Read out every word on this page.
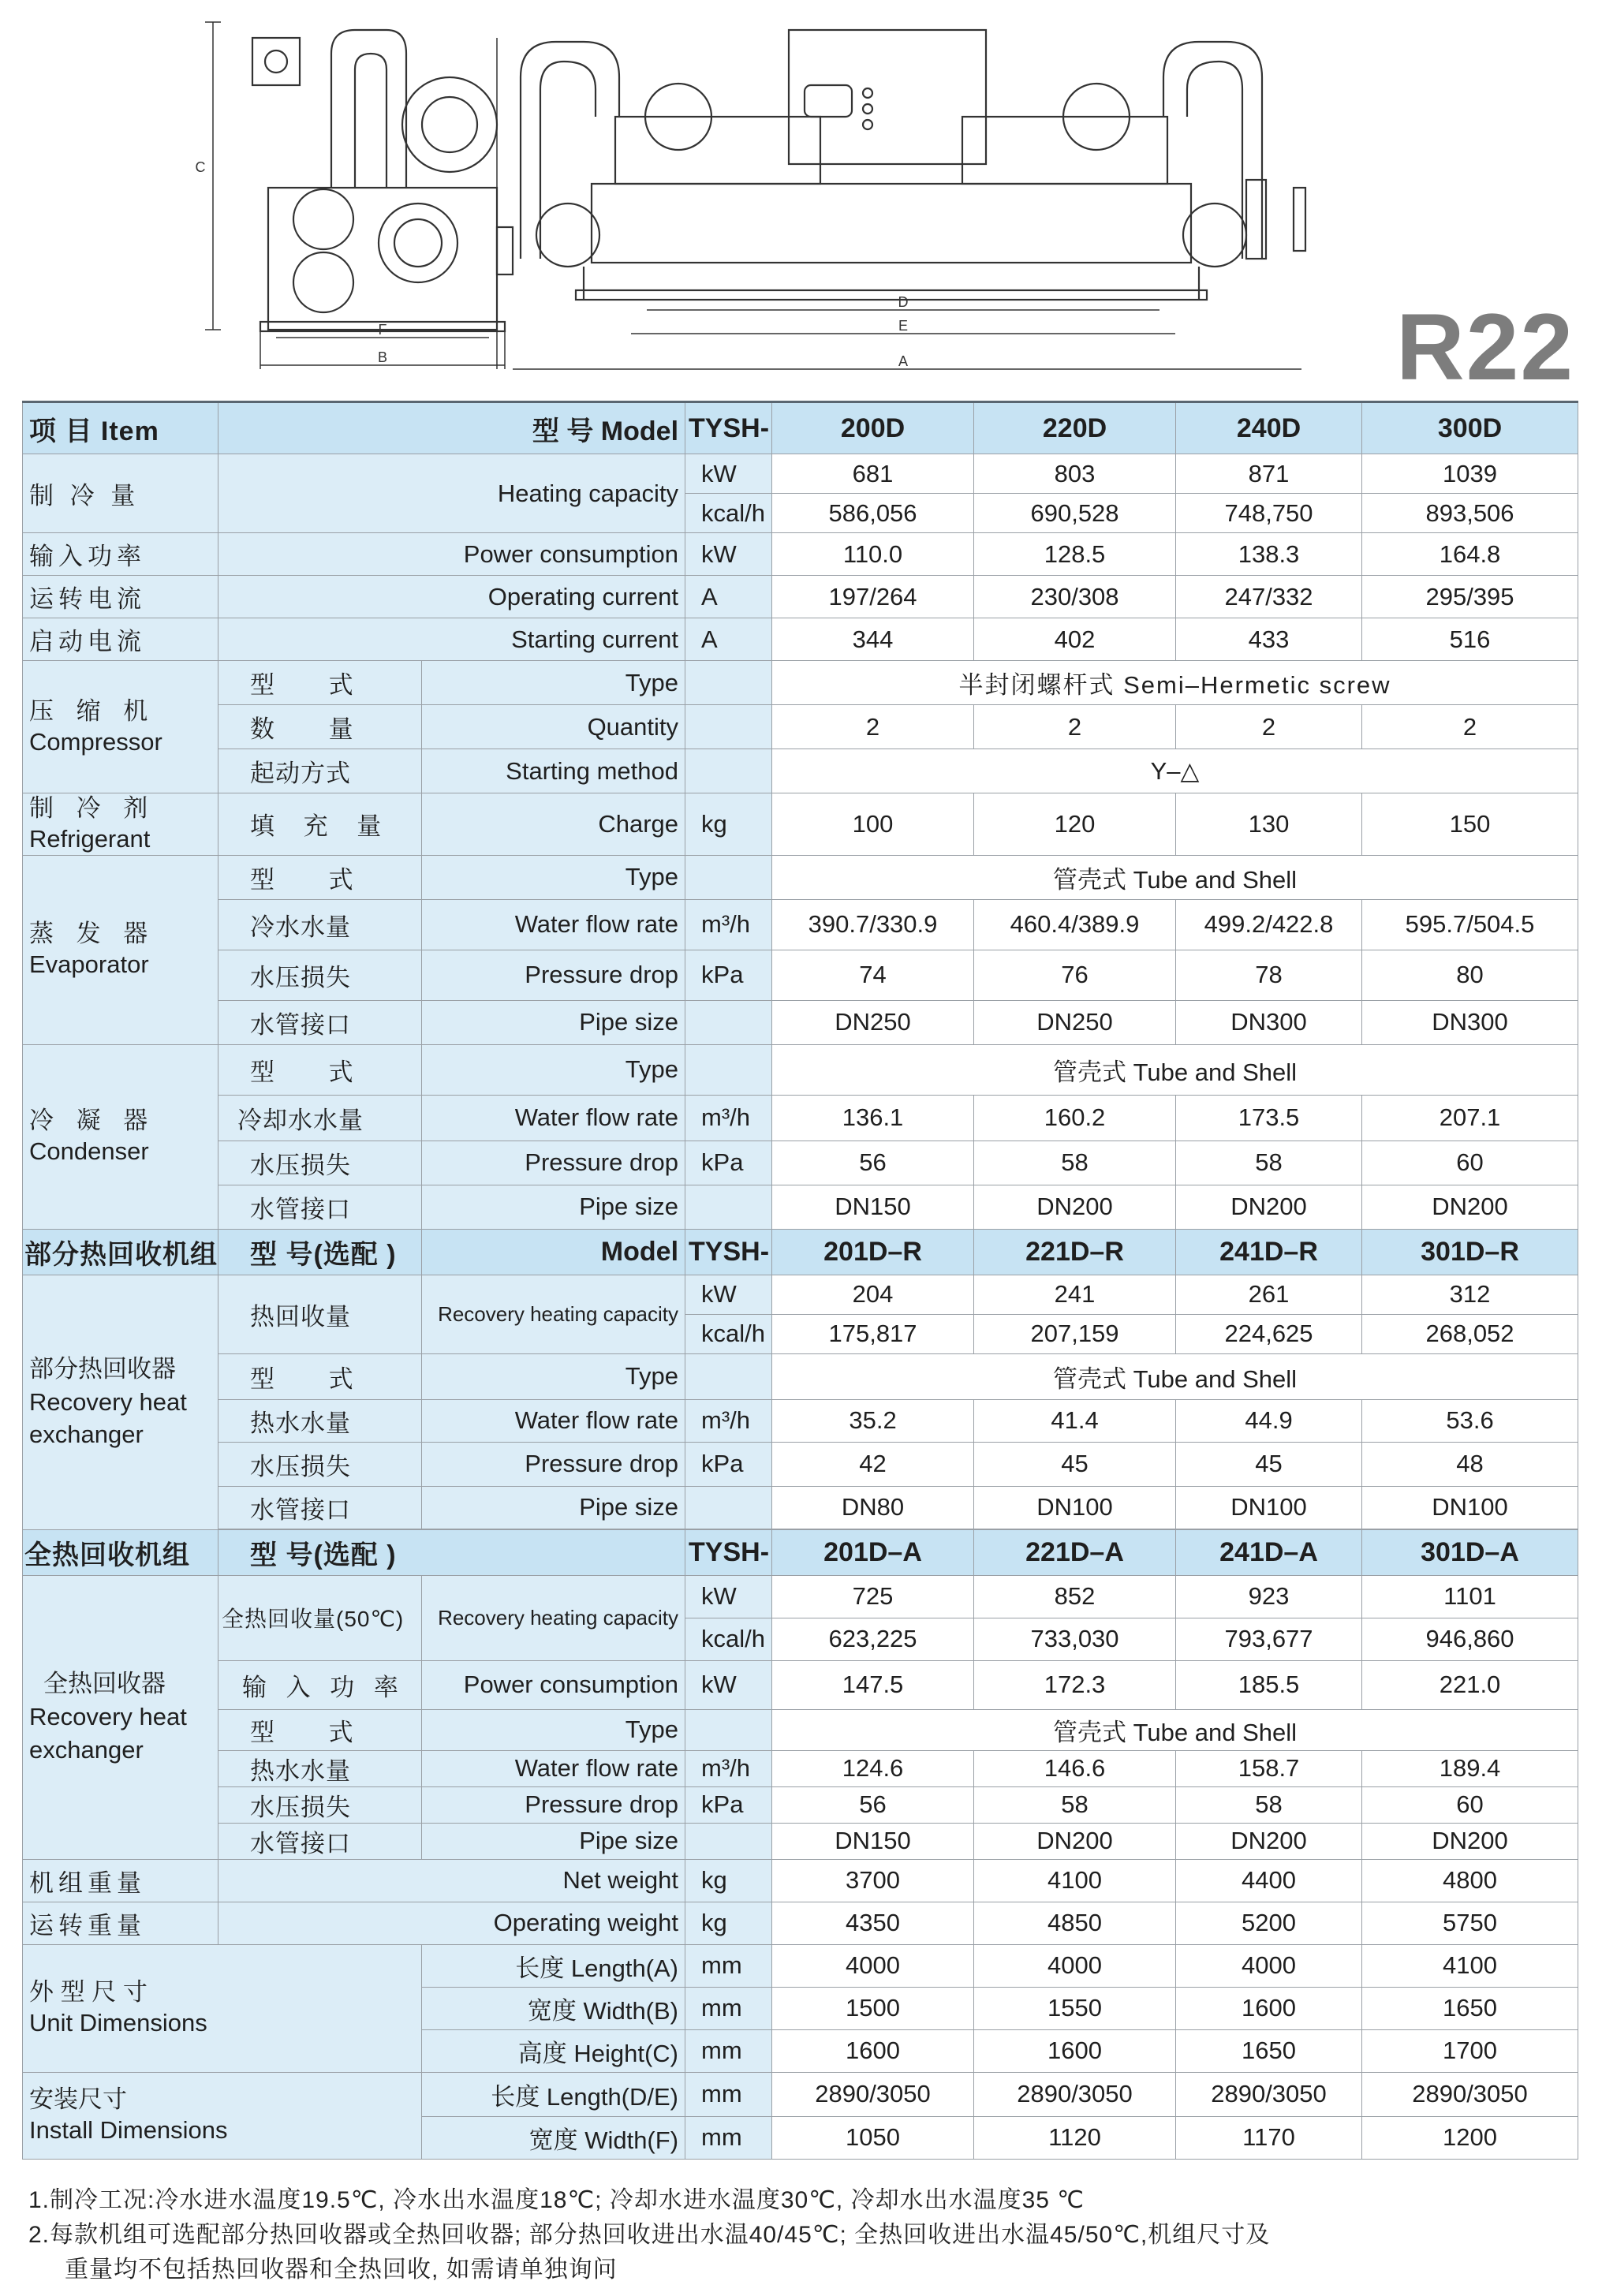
C
F
B
D
E
A	R22
项 目 Item	型 号 Model		TYSH-	200D	220D	240D	300D
制 冷 量	Heating capacity		kW	681	803	871	1039
			kcal/h	586,056	690,528	748,750	893,506
输入功率	Power consumption		kW	110.0	128.5	138.3	164.8
运转电流	Operating current		A	197/264	230/308	247/332	295/395
启动电流	Starting current		A	344	402	433	516
压 缩 机
Compressor	型 式	Type		半封闭螺杆式 Semi–Hermetic screw			
	数 量	Quantity		2	2	2	2
	起动方式	Starting method		Y–△			
制 冷 剂
Refrigerant	填 充 量	Charge	kg	100	120	130	150
蒸 发 器
Evaporator	型 式	Type		管壳式 Tube and Shell			
	冷水水量	Water flow rate	m³/h	390.7/330.9	460.4/389.9	499.2/422.8	595.7/504.5
	水压损失	Pressure drop	kPa	74	76	78	80
	水管接口	Pipe size		DN250	DN250	DN300	DN300
冷 凝 器
Condenser	型 式	Type		管壳式 Tube and Shell			
	冷却水水量	Water flow rate	m³/h	136.1	160.2	173.5	207.1
	水压损失	Pressure drop	kPa	56	58	58	60
	水管接口	Pipe size		DN150	DN200	DN200	DN200
部分热回收机组	型 号(选配 )	Model	TYSH-	201D–R	221D–R	241D–R	301D–R
部分热回收器
Recovery heat exchanger	热回收量	Recovery heating capacity	kW	204	241	261	312
			kcal/h	175,817	207,159	224,625	268,052
	型 式	Type		管壳式 Tube and Shell			
	热水水量	Water flow rate	m³/h	35.2	41.4	44.9	53.6
	水压损失	Pressure drop	kPa	42	45	45	48
	水管接口	Pipe size		DN80	DN100	DN100	DN100

全热回收机组	型 号(选配 )		TYSH-	201D–A	221D–A	241D–A	301D–A
全热回收器
Recovery heat exchanger	全热回收量(50℃)	Recovery heating capacity	kW	725	852	923	1101
			kcal/h	623,225	733,030	793,677	946,860
	输 入 功 率	Power consumption	kW	147.5	172.3	185.5	221.0
	型 式	Type		管壳式 Tube and Shell			
	热水水量	Water flow rate	m³/h	124.6	146.6	158.7	189.4
	水压损失	Pressure drop	kPa	56	58	58	60
	水管接口	Pipe size		DN150	DN200	DN200	DN200
机组重量	Net weight		kg	3700	4100	4400	4800
运转重量	Operating weight		kg	4350	4850	5200	5750
外 型 尺 寸
Unit Dimensions		长度 Length(A)	mm	4000	4000	4000	4100
		宽度 Width(B)	mm	1500	1550	1600	1650
		高度 Height(C)	mm	1600	1600	1650	1700
安装尺寸
Install Dimensions		长度 Length(D/E)	mm	2890/3050	2890/3050	2890/3050	2890/3050
		宽度 Width(F)	mm	1050	1120	1170	1200
1.制冷工况:冷水进水温度19.5℃, 冷水出水温度18℃; 冷却水进水温度30℃, 冷却水出水温度35 ℃
2.每款机组可选配部分热回收器或全热回收器; 部分热回收进出水温40/45℃; 全热回收进出水温45/50℃,机组尺寸及
重量均不包括热回收器和全热回收, 如需请单独询问
